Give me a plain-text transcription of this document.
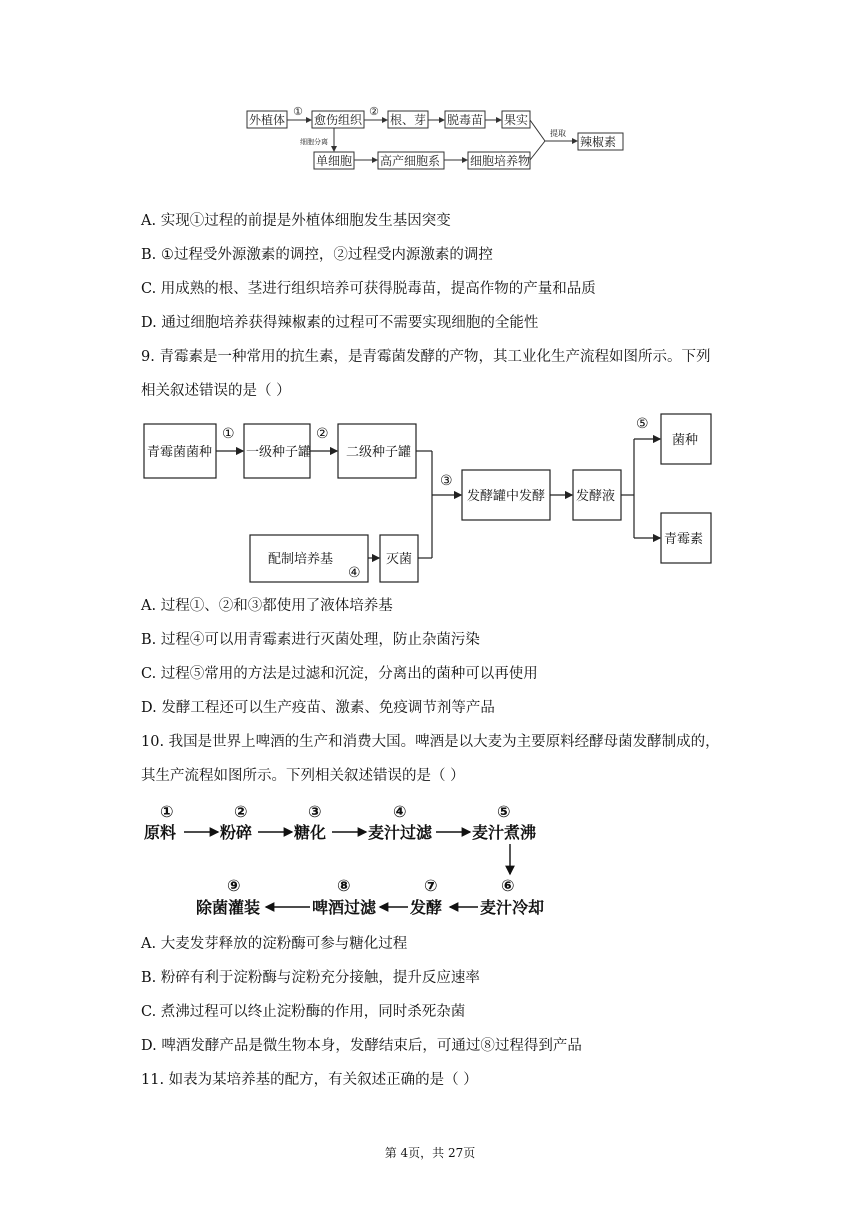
外植体 愈伤组织 根、芽 脱毒苗 果实
辣椒素
单细胞 高产细胞系 细胞培养物
①	②
细胞分离
提取
A. 实现①过程的前提是外植体细胞发生基因突变
B. ①过程受外源激素的调控，②过程受内源激素的调控
C. 用成熟的根、茎进行组织培养可获得脱毒苗，提高作物的产量和品质
D. 通过细胞培养获得辣椒素的过程可不需要实现细胞的全能性
9. 青霉素是一种常用的抗生素，是青霉菌发酵的产物，其工业化生产流程如图所示。下列
相关叙述错误的是（ ）
青霉菌菌种	一级种子罐	二级种子罐
配制培养基	灭菌
发酵罐中发酵 发酵液
菌种
青霉素
①	②
③
④
⑤
A. 过程①、②和③都使用了液体培养基
B. 过程④可以用青霉素进行灭菌处理，防止杂菌污染
C. 过程⑤常用的方法是过滤和沉淀，分离出的菌种可以再使用
D. 发酵工程还可以生产疫苗、激素、免疫调节剂等产品
10. 我国是世界上啤酒的生产和消费大国。啤酒是以大麦为主要原料经酵母菌发酵制成的，
其生产流程如图所示。下列相关叙述错误的是（ ）
①	②	③	④	⑤
⑥
⑦
⑧
⑨
原料	粉碎	糖化	麦汁过滤 麦汁煮沸
麦汁冷却
发酵
啤酒过滤
除菌灌装
A. 大麦发芽释放的淀粉酶可参与糖化过程
B. 粉碎有利于淀粉酶与淀粉充分接触，提升反应速率
C. 煮沸过程可以终止淀粉酶的作用，同时杀死杂菌
D. 啤酒发酵产品是微生物本身，发酵结束后，可通过⑧过程得到产品
11. 如表为某培养基的配方，有关叙述正确的是（ ）
第 4页，共 27页
